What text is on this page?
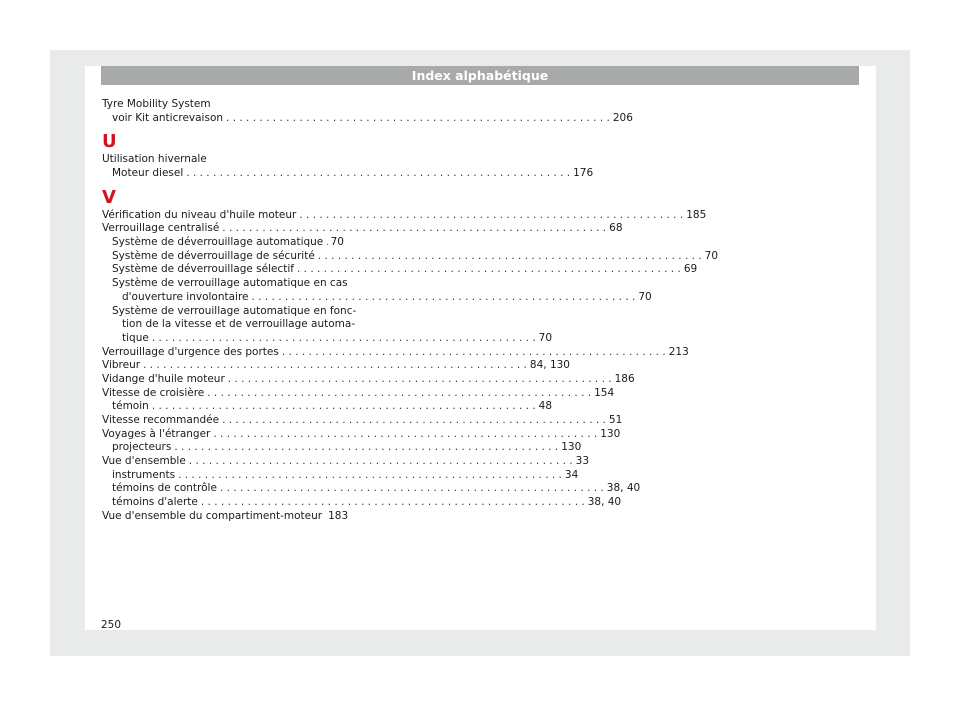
Index alphabétique
Tyre Mobility System
voir Kit anticrevaison . . .	206
U
Utilisation hivernale
Moteur diesel . . .	176
V
Vérification du niveau d'huile moteur . . .	185
Verrouillage centralisé . . .	68
Système de déverrouillage automatique . . . 70
Système de déverrouillage de sécurité . . .	70
Système de déverrouillage sélectif . . .	69
Système de verrouillage automatique en cas
d'ouverture involontaire . . .	70
Système de verrouillage automatique en fonc-
tion de la vitesse et de verrouillage automa-
tique . . .	70
Verrouillage d'urgence des portes . . .	213
Vibreur . . .	84, 130
Vidange d'huile moteur . . .	186
Vitesse de croisière . . .	154
témoin . . .	48
Vitesse recommandée . . .	51
Voyages à l'étranger . . .	130
projecteurs . . .	130
Vue d'ensemble . . .	33
instruments . . .	34
témoins de contrôle . . .	38, 40
témoins d'alerte . . .	38, 40
Vue d'ensemble du compartiment-moteur 183
250
